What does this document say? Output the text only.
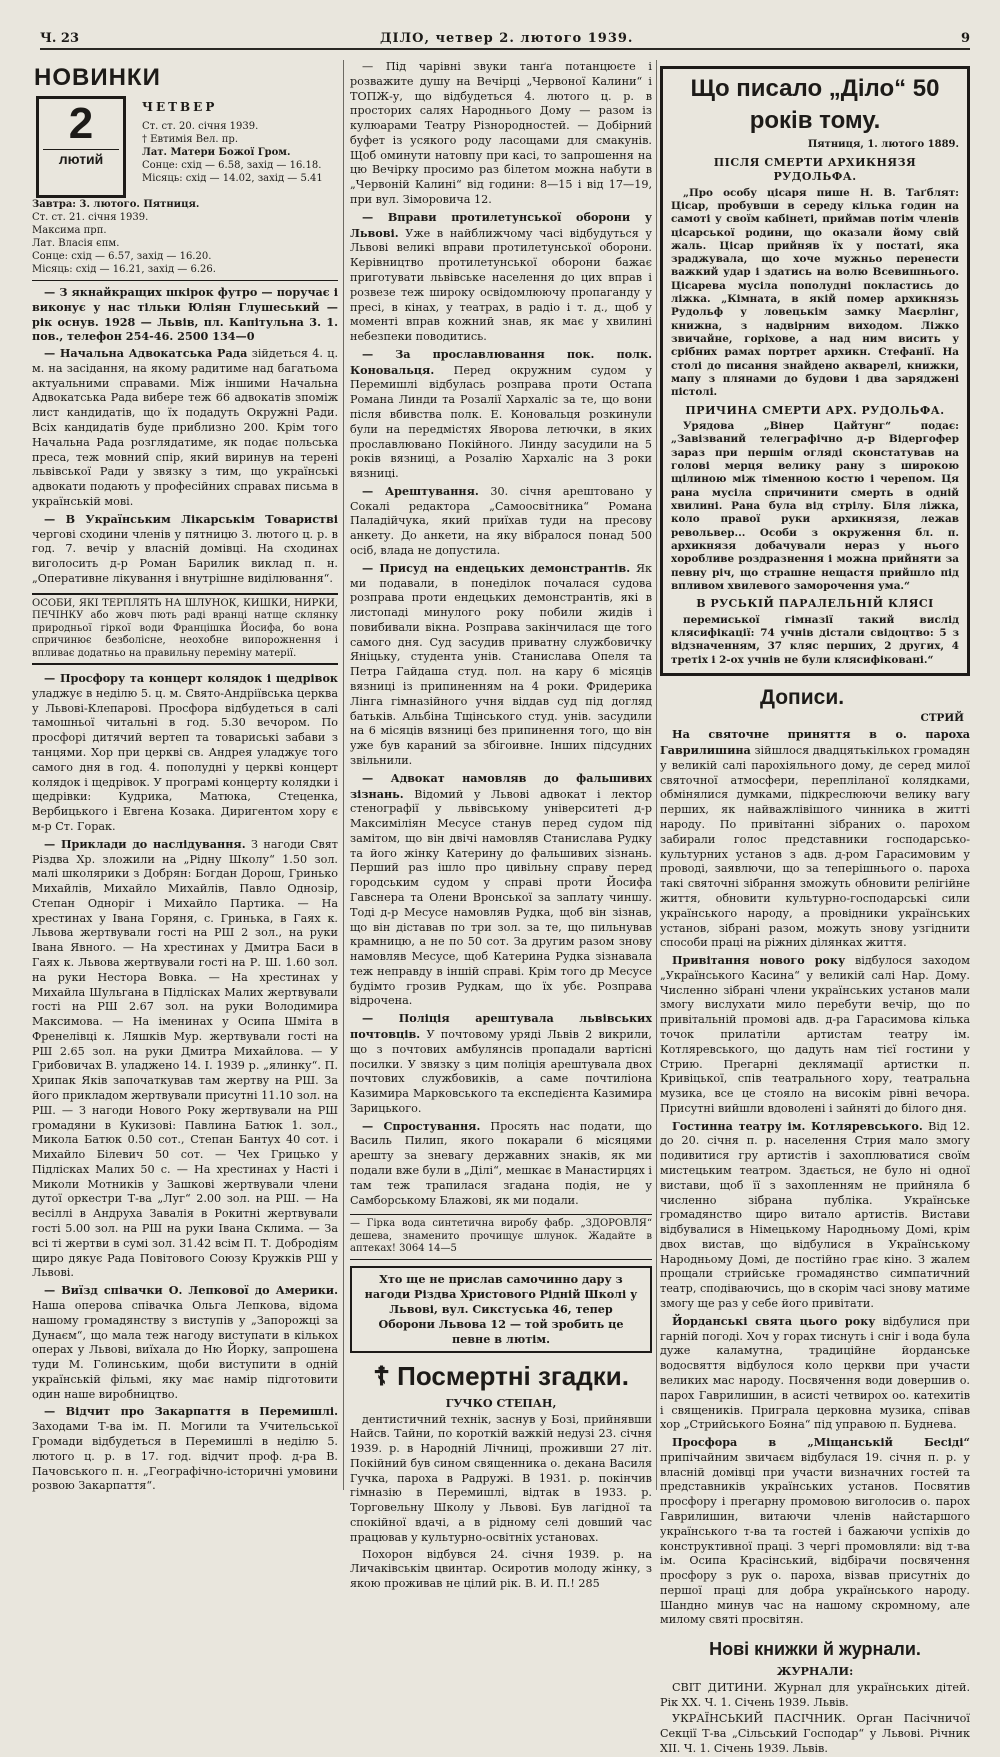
Ч. 23	ДІЛО, четвер 2. лютого 1939.	9
НОВИНКИ
2
лютий
ЧЕТВЕР
Ст. ст. 20. січня 1939.
† Евтимія Вел. пр.
Лат. Матери Божої Гром.
Сонце: схід — 6.58, захід — 16.18.
Місяць: схід — 14.02, захід — 5.41
Завтра: 3. лютого. Пятниця.
Ст. ст. 21. січня 1939.
Максима прп.
Лат. Власія єпм.
Сонце: схід — 6.57, захід — 16.20.
Місяць: схід — 16.21, захід — 6.26.

— З якнайкращих шкірок футро — поручає і виконує у нас тільки Юліян Глушеський — рік оснув. 1928 — Львів, пл. Капітульна 3. 1. пов., телефон 254-46. 2500 134—0

— Начальна Адвокатська Рада зійдеться 4. ц. м. на засідання, на якому радитиме над багатьома актуальними справами. Між іншими Начальна Адвокатська Рада вибере теж 66 адвокатів зпоміж лист кандидатів, що їх подадуть Окружні Ради. Всіх кандидатів буде приблизно 200. Крім того Начальна Рада розглядатиме, як подає польська преса, теж мовний спір, який виринув на терені львівської Ради у звязку з тим, що українські адвокати подають у професійних справах письма в українській мові.

— В Українським Лікарськім Товаристві черговi сходини членів у пятницю 3. лютого ц. р. в год. 7. вечір у власній домівці. На сходинах виголосить д-р Роман Барилик виклад п. н. „Оперативне лікування і внутрішне виділювання“.

ОСОБИ, ЯКІ ТЕРПЛЯТЬ НА ШЛУНОК, КИШКИ, НИРКИ, ПЕЧІНКУ або жовч пють раді вранці натще склянку природньої гіркої води Францішка Йосифа, бо вона спричинює безболісне, неохобне випорожнення і впливає додатньо на правильну переміну матерії.

— Просфору та концерт колядок і щедрівок уладжує в неділю 5. ц. м. Свято-Андріївська церква у Львові-Клепарові. Просфора відбудеться в салі тамошньої читальні в год. 5.30 вечором. По просфорі дитячий вертеп та товариські забави з танцями. Хор при церкві св. Андрея уладжує того самого дня в год. 4. пополудні у церкві концерт колядок і щедрівок. У програмі концерту колядки і щедрівки: Кудрика, Матюка, Стеценка, Вербицького і Евгена Козака. Диригентом хору є м-р Ст. Горак.

— Приклади до наслідування. З нагоди Свят Різдва Хр. зложили на „Рідну Школу“ 1.50 зол. малі школярики з Добрян: Богдан Дорош, Гринько Михайлів, Михайло Михайлів, Павло Однозір, Степан Одноріг і Михайло Партика. — На хрестинах у Івана Горяня, с. Гринька, в Гаях к. Львова жертвували гості на РШ 2 зол., на руки Івана Явного. — На хрестинах у Дмитра Баси в Гаях к. Львова жертвували гості на Р. Ш. 1.60 зол. на руки Нестора Вовка. — На хрестинах у Михайла Шульгана в Підлісках Малих жертвували гості на РШ 2.67 зол. на руки Володимира Максимова. — На іменинах у Осипа Шміта в Френелівці к. Ляшків Мур. жертвували гості на РШ 2.65 зол. на руки Дмитра Михайлова. — У Грибовичах В. уладжено 14. І. 1939 р. „ялинку“. П. Хрипак Яків започаткував там жертву на РШ. За його прикладом жертвували присутні 11.10 зол. на РШ. — З нагоди Нового Року жертвували на РШ громадяни в Кукизові: Павлина Батюк 1. зол., Микола Батюк 0.50 сот., Степан Бантух 40 сот. і Михайло Білевич 50 сот. — Чех Грицько у Підлісках Малих 50 с. — На хрестинах у Насті і Миколи Мотників у Зашкові жертвували члени дутої оркестри Т-ва „Луг“ 2.00 зол. на РШ. — На весіллі в Андруха Завалія в Рокитні жертвували гості 5.00 зол. на РШ на руки Івана Склима. — За всі ті жертви в сумі зол. 31.42 всім П. Т. Добродіям щиро дякує Рада Повітового Союзу Кружків РШ у Львові.

— Виїзд співачки О. Лепкової до Америки. Наша оперова співачка Ольга Лепкова, відома нашому громадянству з виступів у „Запорожці за Дунаєм“, що мала теж нагоду виступати в кількох операх у Львові, виїхала до Ню Йорку, запрошена туди М. Голинським, щоби виступити в одній українській фільмі, яку має намір підготовити один наше виробництво.

— Відчит про Закарпаття в Перемишлі. Заходами Т-ва ім. П. Могили та Учительської Громади відбудеться в Перемишлі в неділю 5. лютого ц. р. в 17. год. відчит проф. д-ра В. Пачовського п. н. „Географічно-історичні умовини розвою Закарпаття“.

— Під чарівні звуки танґа потанцюєте і розважите душу на Вечірці „Червоної Калини“ і ТОПЖ-у, що відбудеться 4. лютого ц. р. в просторих салях Народнього Дому — разом із кулюарами Театру Різнородностей. — Добірний буфет із усякого роду ласощами для смакунів. Щоб оминути натовпу при касі, то запрошення на цю Вечірку просимо раз білетом можна набути в „Червоній Калині“ від години: 8—15 і від 17—19, при вул. Зіморовича 12.

— Вправи протилетунської оборони у Львові. Уже в найближчому часі відбудуться у Львові великі вправи протилетунської оборони. Керівництво протилетунської оборони бажає приготувати львівське населення до цих вправ і розвезе теж широку освідомлюючу пропаганду у пресі, в кінах, у театрах, в радіо і т. д., щоб у моменті вправ кожний знав, як має у хвилині небезпеки поводитись.

— За прославлювання пок. полк. Коновальця. Перед окружним судом у Перемишлі відбулась розправа проти Остапа Романа Линди та Розалії Хархаліс за те, що вони після вбивства полк. Е. Коновальця розкинули були на передмістях Яворова летючки, в яких прославлювано Покійного. Линду засудили на 5 років вязниці, а Розалію Хархаліс на 3 роки вязниці.

— Арештування. 30. січня арештовано у Сокалі редактора „Самоосвітника“ Романа Паладійчука, який приїхав туди на пресову анкету. До анкети, на яку вібралося понад 500 осіб, влада не допустила.

— Присуд на ендецьких демонстрантів. Як ми подавали, в понеділок почалася судова розправа проти ендецьких демонстрантів, які в листопаді минулого року побили жидів і повибивали вікна. Розправа закінчилася ще того самого дня. Суд засудив приватну службовичку Яніцьку, студента унів. Станислава Опеля та Петра Гайдаша студ. пол. на кару 6 місяців вязниці із припиненням на 4 роки. Фридерика Лінга гімназійного учня віддав суд під догляд батьків. Альбіна Тщінського студ. унів. засудили на 6 місяців вязниці без припинення того, що він уже був караний за збігоивне. Інших підсудних звільнили.

— Адвокат намовляв до фальшивих зізнань. Відомий у Львові адвокат і лектор стенографії у львівському університеті д-р Максиміліян Месусе станув перед судом під замітом, що він двічі намовляв Станислава Рудку та його жінку Катерину до фальшивих зізнань. Перший раз ішло про цивільну справу перед городським судом у справі проти Йосифа Гавснера та Олени Вронської за заплату чиншу. Тоді д-р Месусе намовляв Рудка, щоб він зізнав, що він діставав по три зол. за те, що пильнував крамницю, а не по 50 сот. За другим разом знову намовляв Месусе, щоб Катерина Рудка зізнавала теж неправду в іншій справі. Крім того др Месусе будімто грозив Рудкам, що їх убє. Розправа відрочена.

— Поліція арештувала львівських почтовців. У почтовому уряді Львів 2 викрили, що з почтових амбулянсів пропадали вартісні посилки. У звязку з цим поліція арештувала двох почтових службовиків, а саме почтиліона Казимира Марковського та експедієнта Казимира Зарицького.

— Спростування. Просять нас подати, що Василь Пилип, якого покарали 6 місяцями арешту за зневагу державних знаків, як ми подали вже були в „Ділі“, мешкає в Манастирцях і там теж трапилася згадана подія, не у Самборському Блажові, як ми подали.

— Гірка вода синтетична виробу фабр. „ЗДОРОВЛЯ“ дешева, знаменито прочищує шлунок. Жадайте в аптеках! 3064 14—5
Хто ще не прислав самочинно дару з нагоди Різдва Христового Рідній Школі у Львові, вул. Сикстуська 46, тепер Оборони Львова 12 — той зробить це певне в лютім.
☦ Посмертні згадки.
ГУЧКО СТЕПАН,

дентистичний технік, заснув у Бозі, прийнявши Найсв. Тайни, по короткій важкій недузі 23. січня 1939. р. в Народній Лічниці, проживши 27 літ. Покійний був сином священника о. декана Василя Гучка, пароха в Радружі. В 1931. р. покінчив гімназію в Перемишлі, відтак в 1933. р. Торговельну Школу у Львові. Був лагідної та спокійної вдачі, а в рідному селі довший час працював у культурно-освітніх установах.

Похорон відбувся 24. січня 1939. р. на Личаківськім цвинтар. Осиротив молоду жінку, з якою проживав не цілий рік. В. И. П.! 285

Що писало „Діло“ 50 років тому.
Пятниця, 1. лютого 1889.
ПІСЛЯ СМЕРТИ АРХИКНЯЗЯ РУДОЛЬФА.

„Про особу цісаря пише Н. В. Таґблят: Цісар, пробувши в середу кілька годин на самоті у своїм кабінеті, приймав потім членів цісарської родини, що оказали йому свій жаль. Цісар прийняв їх у постаті, яка зраджувала, що хоче мужньо перенести важкий удар і здатись на волю Всевишнього. Цісарева мусіла пополудні покластись до ліжка. „Кімната, в якій помер архикнязь Рудольф у ловецькім замку Мaєрлінг, книжна, з надвірним виходом. Ліжко звичайне, горіхове, а над ним висить у срібних рамах портрет архикн. Стефанії. На столі до писання знайдено акварелі, книжки, мапу з плянами до будови і два заряджені пістолі.

ПРИЧИНА СМЕРТИ АРХ. РУДОЛЬФА.

Урядова „Вінер Цайтунг“ подає: „Завізваний телеграфічно д-р Відергофер зараз при першім огляді сконстатував на голові мерця велику рану з широкою щілиною між тіменною костю і черепом. Ця рана мусіла спричинити смерть в одній хвилині. Рана була від стрілу. Біля ліжка, коло правої руки архикнязя, лежав револьвер... Особи з окруження бл. п. архикнязя добачували нераз у нього хоробливе роздразнення і можна прийняти за певну річ, що страшне нещастя прийшло під впливом хвилевого заморочення ума.“

В РУСЬКІЙ ПАРАЛЕЛЬНІЙ КЛЯСІ

перемиської гімназії такий вислід клясифікації: 74 учнів дістали свідоцтво: 5 з відзначенням, 37 кляс перших, 2 других, 4 третіх і 2-ох учнів не були клясифіковані.“

Дописи.
СТРИЙ

На святочне приняття в о. пароха Гаврилишина зійшлося двадцятькількох громадян у великій салі парохіяльного дому, де серед милої святочної атмосфери, перепліланої колядками, обмінялися думками, підкреслюючи велику вагу перших, як найважлівішого чинника в житті народу. По привітанні зібраних о. парохом забирали голос представники господарсько-культурних установ з адв. д-ром Гарасимовим у проводі, заявлючи, що за теперішнього о. пароха такі святочні зібрання зможуть обновити релігійне життя, обновити культурно-господарські сили українського народу, а провідники українських установ, зібрані разом, можуть знову узгіднити способи праці на ріжних ділянках життя.

Привітання нового року відбулося заходом „Українського Касина“ у великій салі Нар. Дому. Численно зібрані члени українських установ мали змогу вислухати мило перебути вечір, що по привітальній промові адв. д-ра Гарасимова кілька точок прилатіли артистам театру ім. Котляревського, що дадуть нам тієї гостини у Стрию. Прегарні деклямації артистки п. Кривіцької, спів театрального хору, театральна музика, все це стояло на високім рівні вечора. Присутні вийшли вдоволені і зайняті до білого дня.

Гостинна театру ім. Котляревського. Від 12. до 20. січня п. р. населення Стрия мало змогу подивитися гру артистів і захоплюватися своїм мистецьким театром. Здається, не було ні одної вистави, щоб її з захопленням не прийняла б численно зібрана публіка. Українське громадянство щиро витало артистів. Вистави відбувалися в Німецькому Народньому Домі, крім двох вистав, що відбулися в Українському Народньому Домі, де постійно грає кіно. З жалем прощали стрийське громадянство симпатичний театр, сподіваючись, що в скорім часі знову матиме змогу ще раз у себе його привітати.

Йорданські свята цього року відбулися при гарній погоді. Хоч у горах тиснуть і сніг і вода була дуже каламутна, традиційне йорданське водосвяття відбулося коло церкви при участи великих мас народу. Посвячення води довершив о. парох Гаврилишин, в асисті четвирох оо. катехитів і священиків. Приграла церковна музика, співав хор „Стрийського Бояна“ під управою п. Буднева.

Просфора в „Міщанській Бесіді“ припічайним звичаєм відбулася 19. січня п. р. у власній домівці при участи визначних гостей та представників українських установ. Посвятив просфору і прегарну промовою виголосив о. парох Гаврилишин, витаючи членів найстаршого українського т-ва та гостей і бажаючи успіхів до конструктивної праці. З чергі промовляли: від т-ва ім. Осипа Красінський, відбірачи посвячення просфору з рук о. пароха, візвав присутніх до першої праці для добра українського народу. Шандно минув час на нашому скромному, але милому святі просвітян.

Нові книжки й журнали.
ЖУРНАЛИ:

СВІТ ДИТИНИ. Журнал для українських дітей. Рік XX. Ч. 1. Січень 1939. Львів.

УКРАЇНСЬКИЙ ПАСІЧНИК. Орган Пасічничої Секції Т-ва „Сільський Господар“ у Львові. Річник XII. Ч. 1. Січень 1939. Львів.
